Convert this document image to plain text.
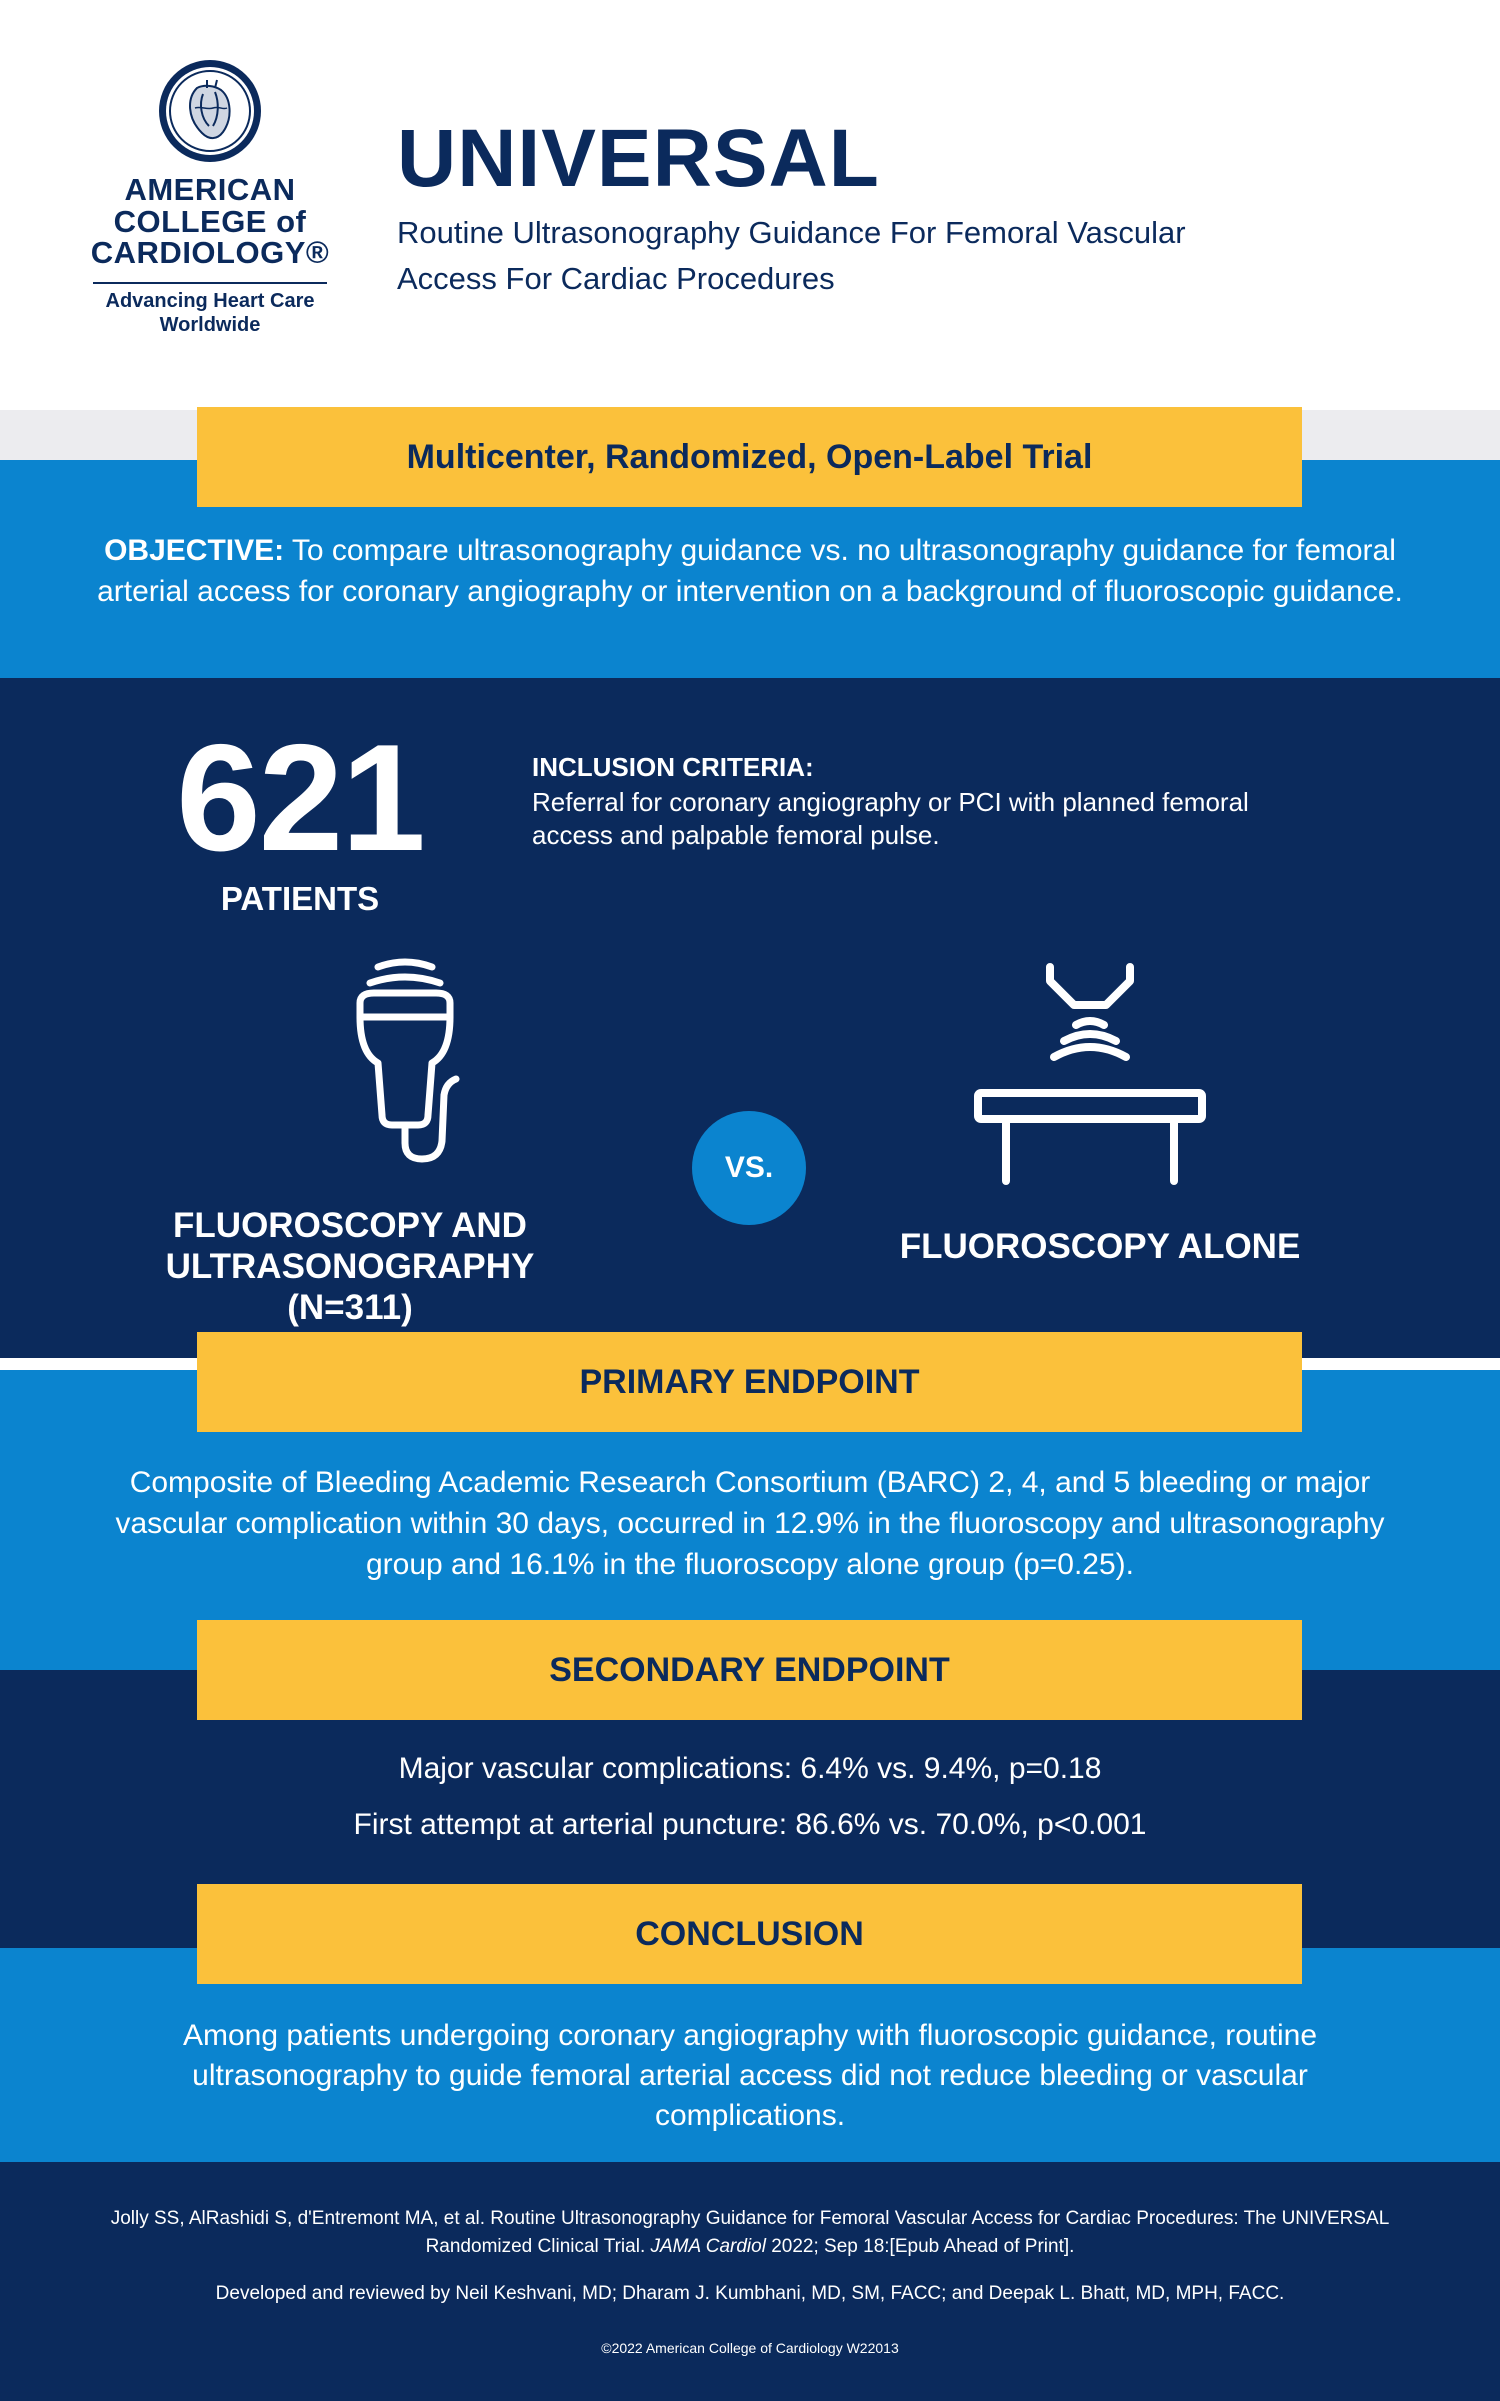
AMERICAN
COLLEGE of
CARDIOLOGY®
Advancing Heart Care
Worldwide
UNIVERSAL
Routine Ultrasonography Guidance For Femoral Vascular Access For Cardiac Procedures
Multicenter, Randomized, Open-Label Trial
OBJECTIVE: To compare ultrasonography guidance vs. no ultrasonography guidance for femoral arterial access for coronary angiography or intervention on a background of fluoroscopic guidance.
621
PATIENTS
INCLUSION CRITERIA:
Referral for coronary angiography or PCI with planned femoral access and palpable femoral pulse.
VS.
FLUOROSCOPY AND ULTRASONOGRAPHY (N=311)
FLUOROSCOPY ALONE
PRIMARY ENDPOINT
Composite of Bleeding Academic Research Consortium (BARC) 2, 4, and 5 bleeding or major vascular complication within 30 days, occurred in 12.9% in the fluoroscopy and ultrasonography group and 16.1% in the fluoroscopy alone group (p=0.25).
SECONDARY ENDPOINT
Major vascular complications: 6.4% vs. 9.4%, p=0.18
First attempt at arterial puncture: 86.6% vs. 70.0%, p<0.001
CONCLUSION
Among patients undergoing coronary angiography with fluoroscopic guidance, routine ultrasonography to guide femoral arterial access did not reduce bleeding or vascular complications.
Jolly SS, AlRashidi S, d'Entremont MA, et al. Routine Ultrasonography Guidance for Femoral Vascular Access for Cardiac Procedures: The UNIVERSAL Randomized Clinical Trial. JAMA Cardiol 2022; Sep 18:[Epub Ahead of Print].
Developed and reviewed by Neil Keshvani, MD; Dharam J. Kumbhani, MD, SM, FACC; and Deepak L. Bhatt, MD, MPH, FACC.
©2022 American College of Cardiology W22013
